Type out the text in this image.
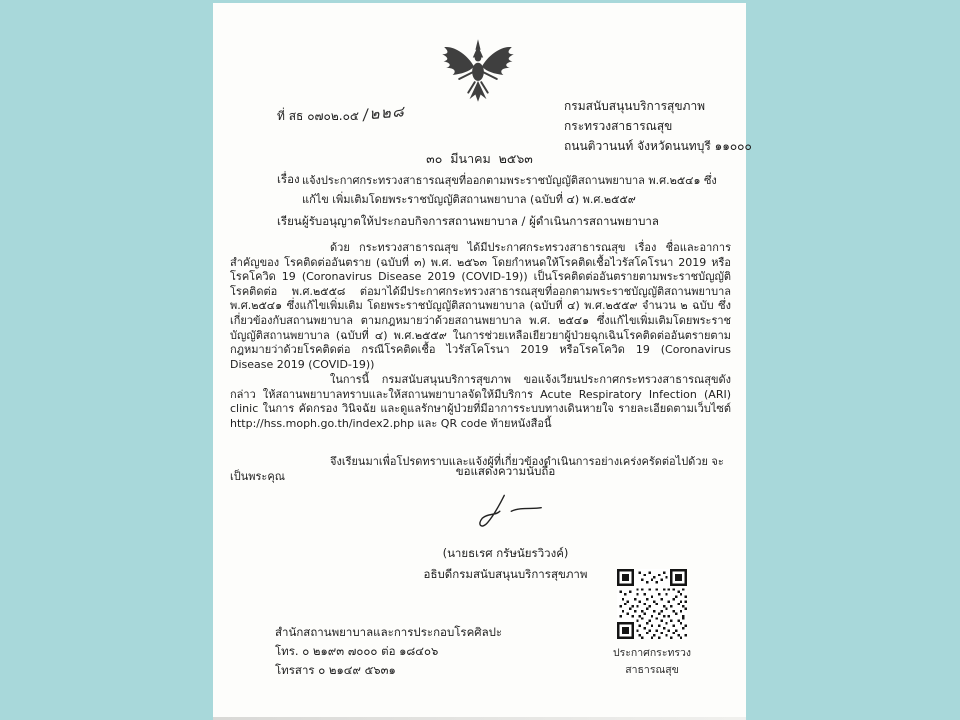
ที่ สธ ๐๗๐๒.๐๕ /๒๒๘	กรมสนับสนุนบริการสุขภาพ
กระทรวงสาธารณสุข
ถนนติวานนท์ จังหวัดนนทบุรี ๑๑๐๐๐
๓๐  มีนาคม  ๒๕๖๓
เรื่อง แจ้งประกาศกระทรวงสาธารณสุขที่ออกตามพระราชบัญญัติสถานพยาบาล พ.ศ.๒๕๔๑ ซึ่งแก้ไข เพิ่มเติมโดยพระราชบัญญัติสถานพยาบาล (ฉบับที่ ๔) พ.ศ.๒๕๕๙
เรียน ผู้รับอนุญาตให้ประกอบกิจการสถานพยาบาล / ผู้ดำเนินการสถานพยาบาล
ด้วย กระทรวงสาธารณสุข ได้มีประกาศกระทรวงสาธารณสุข เรื่อง ชื่อและอาการสำคัญของ โรคติดต่ออันตราย (ฉบับที่ ๓) พ.ศ. ๒๕๖๓ โดยกำหนดให้โรคติดเชื้อไวรัสโคโรนา 2019 หรือโรคโควิด 19 (Coronavirus Disease 2019 (COVID-19)) เป็นโรคติดต่ออันตรายตามพระราชบัญญัติโรคติดต่อ พ.ศ.๒๕๕๘ ต่อมาได้มีประกาศกระทรวงสาธารณสุขที่ออกตามพระราชบัญญัติสถานพยาบาล พ.ศ.๒๕๔๑ ซึ่งแก้ไขเพิ่มเติม โดยพระราชบัญญัติสถานพยาบาล (ฉบับที่ ๔) พ.ศ.๒๕๕๙ จำนวน ๒ ฉบับ ซึ่งเกี่ยวข้องกับสถานพยาบาล ตามกฎหมายว่าด้วยสถานพยาบาล พ.ศ. ๒๕๔๑ ซึ่งแก้ไขเพิ่มเติมโดยพระราชบัญญัติสถานพยาบาล (ฉบับที่ ๔) พ.ศ.๒๕๕๙ ในการช่วยเหลือเยียวยาผู้ป่วยฉุกเฉินโรคติดต่ออันตรายตามกฎหมายว่าด้วยโรคติดต่อ กรณีโรคติดเชื้อ ไวรัสโคโรนา 2019 หรือโรคโควิด 19 (Coronavirus Disease 2019 (COVID-19))
ในการนี้ กรมสนับสนุนบริการสุขภาพ ขอแจ้งเวียนประกาศกระทรวงสาธารณสุขดังกล่าว ให้สถานพยาบาลทราบและให้สถานพยาบาลจัดให้มีบริการ Acute Respiratory Infection (ARI) clinic ในการ คัดกรอง วินิจฉัย และดูแลรักษาผู้ป่วยที่มีอาการระบบทางเดินหายใจ รายละเอียดตามเว็บไซต์ http://hss.moph.go.th/index2.php และ QR code ท้ายหนังสือนี้
จึงเรียนมาเพื่อโปรดทราบและแจ้งผู้ที่เกี่ยวข้องดำเนินการอย่างเคร่งครัดต่อไปด้วย จะเป็นพระคุณ	ขอแสดงความนับถือ
(นายธเรศ กรัษนัยรวิวงค์)
อธิบดีกรมสนับสนุนบริการสุขภาพ
ประกาศกระทรวงสาธารณสุข
สำนักสถานพยาบาลและการประกอบโรคศิลปะ
โทร. ๐ ๒๑๙๓ ๗๐๐๐ ต่อ ๑๘๔๐๖
โทรสาร ๐ ๒๑๔๙ ๕๖๓๑
